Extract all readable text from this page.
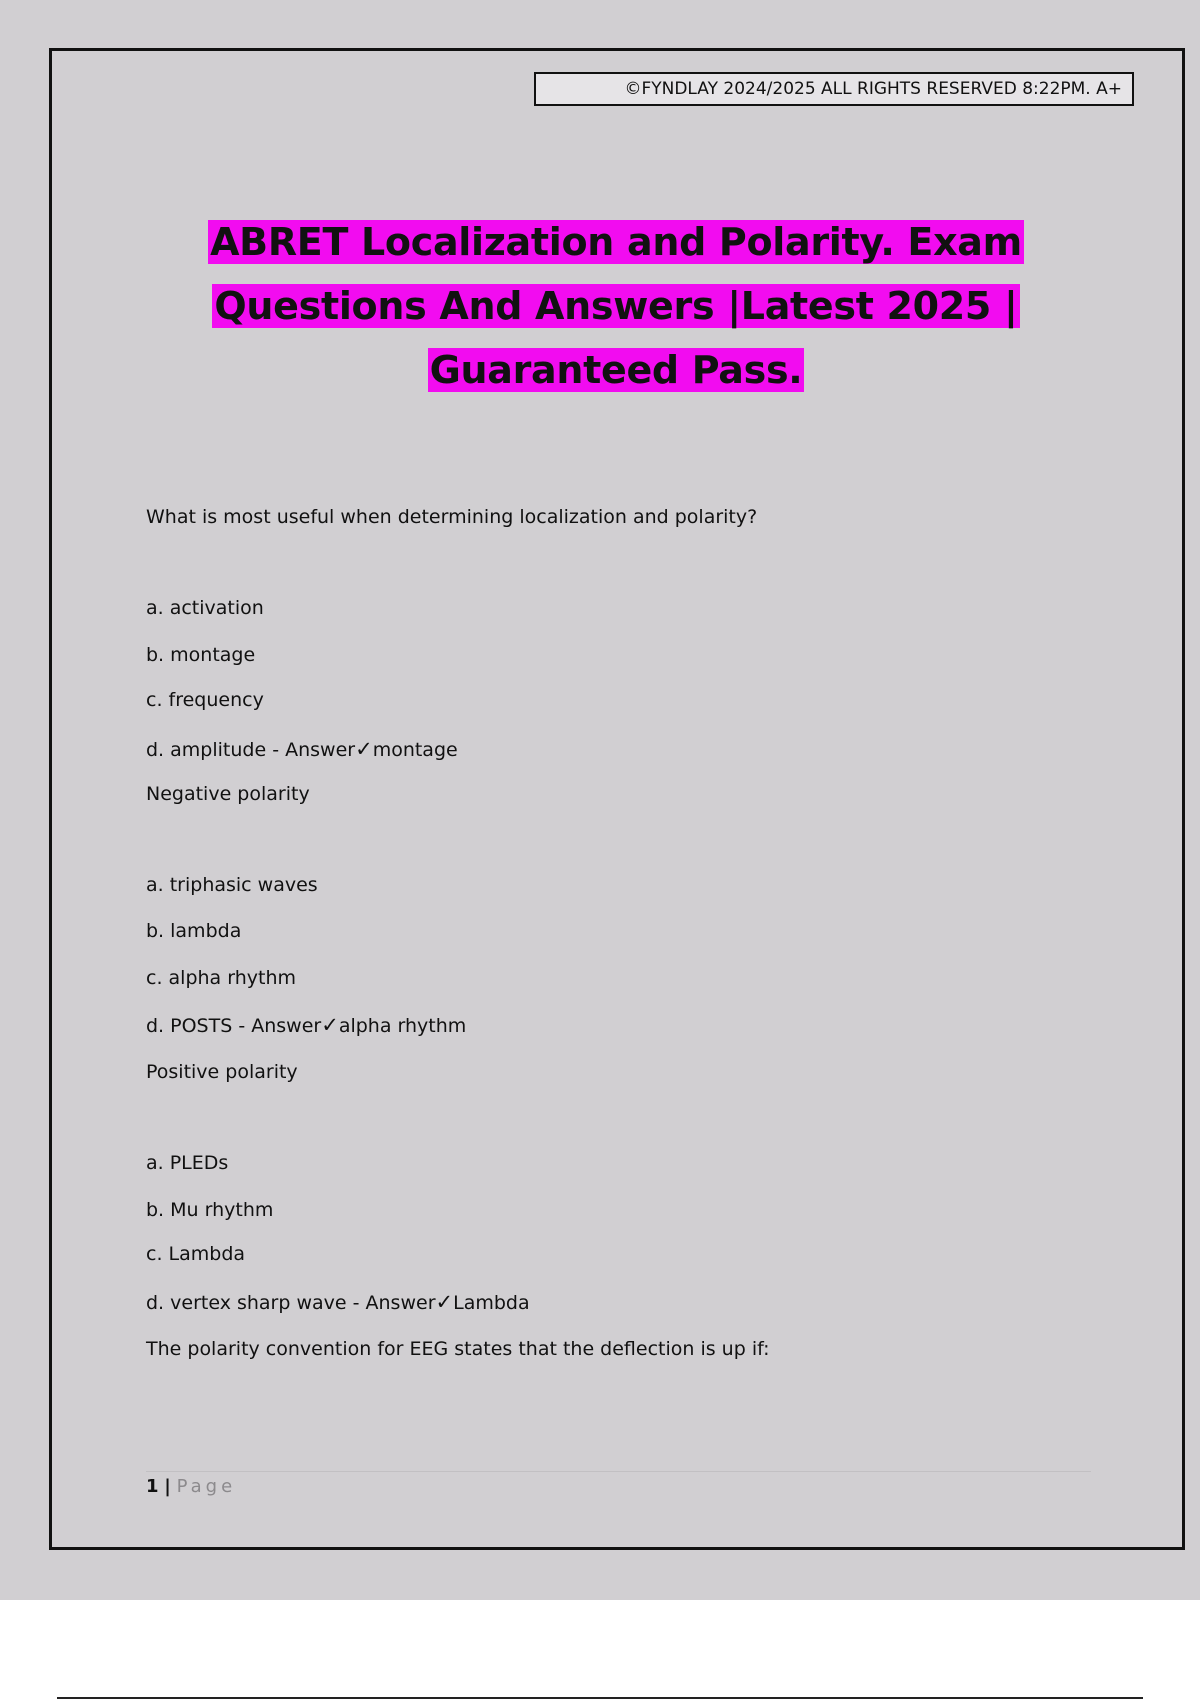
©FYNDLAY 2024/2025 ALL RIGHTS RESERVED 8:22PM. A+
ABRET Localization and Polarity. Exam
Questions And Answers |Latest 2025 |
Guaranteed Pass.
What is most useful when determining localization and polarity?
a. activation
b. montage
c. frequency
d. amplitude - Answer✓montage
Negative polarity
a. triphasic waves
b. lambda
c. alpha rhythm
d. POSTS - Answer✓alpha rhythm
Positive polarity
a. PLEDs
b. Mu rhythm
c. Lambda
d. vertex sharp wave - Answer✓Lambda
The polarity convention for EEG states that the deflection is up if:
1 | Page
